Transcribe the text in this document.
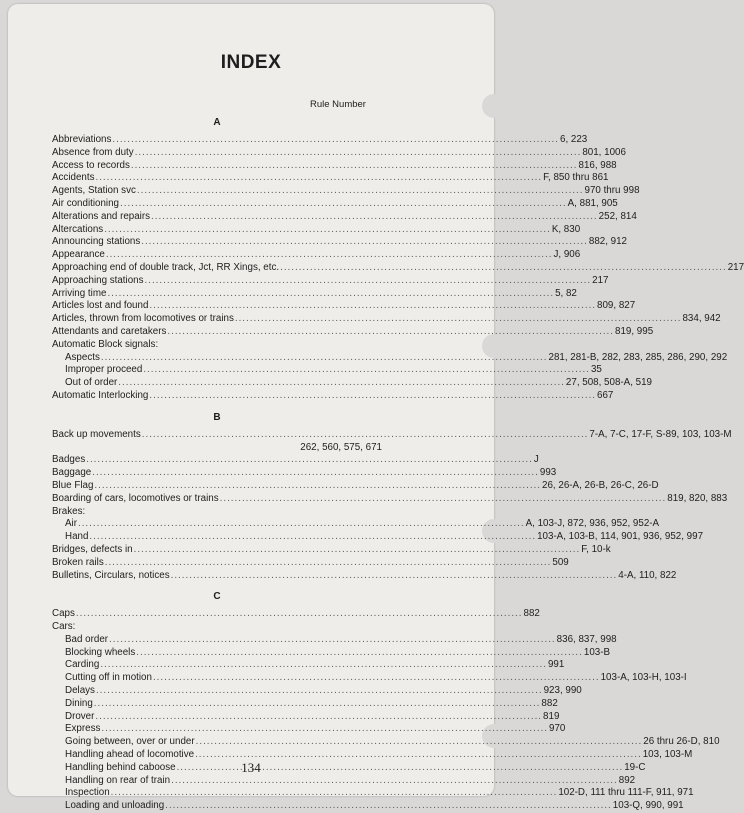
INDEX
Rule Number
A
Abbreviations .....	6, 223
Absence from duty .....	801, 1006
Access to records .....	816, 988
Accidents .....	F, 850 thru 861
Agents, Station svc .....	970 thru 998
Air conditioning .....	A, 881, 905
Alterations and repairs .....	252, 814
Altercations .....	K, 830
Announcing stations .....	882, 912
Appearance .....	J, 906
Approaching end of double track, Jct, RR Xings, etc. .....	217
Approaching stations .....	217
Arriving time .....	5, 82
Articles lost and found .....	809, 827
Articles, thrown from locomotives or trains .....	834, 942
Attendants and caretakers .....	819, 995
Automatic Block signals:
Aspects .....	281, 281-B, 282, 283, 285, 286, 290, 292
Improper proceed .....	35
Out of order .....	27, 508, 508-A, 519
Automatic Interlocking .....	667
B
Back up movements .....	7-A, 7-C, 17-F, S-89, 103, 103-M
262, 560, 575, 671
Badges .....	J
Baggage .....	993
Blue Flag .....	26, 26-A, 26-B, 26-C, 26-D
Boarding of cars, locomotives or trains .....	819, 820, 883
Brakes:
Air .....	A, 103-J, 872, 936, 952, 952-A
Hand .....	103-A, 103-B, 114, 901, 936, 952, 997
Bridges, defects in .....	F, 10-k
Broken rails .....	509
Bulletins, Circulars, notices .....	4-A, 110, 822
C
Caps .....	882
Cars:
Bad order .....	836, 837, 998
Blocking wheels .....	103-B
Carding .....	991
Cutting off in motion .....	103-A, 103-H, 103-I
Delays .....	923, 990
Dining .....	882
Drover .....	819
Express .....	970
Going between, over or under .....	26 thru 26-D, 810
Handling ahead of locomotive .....	103, 103-M
Handling behind caboose .....	19-C
Handling on rear of train .....	892
Inspection .....	102-D, 111 thru 111-F, 911, 971
Loading and unloading .....	103-Q, 990, 991
134
